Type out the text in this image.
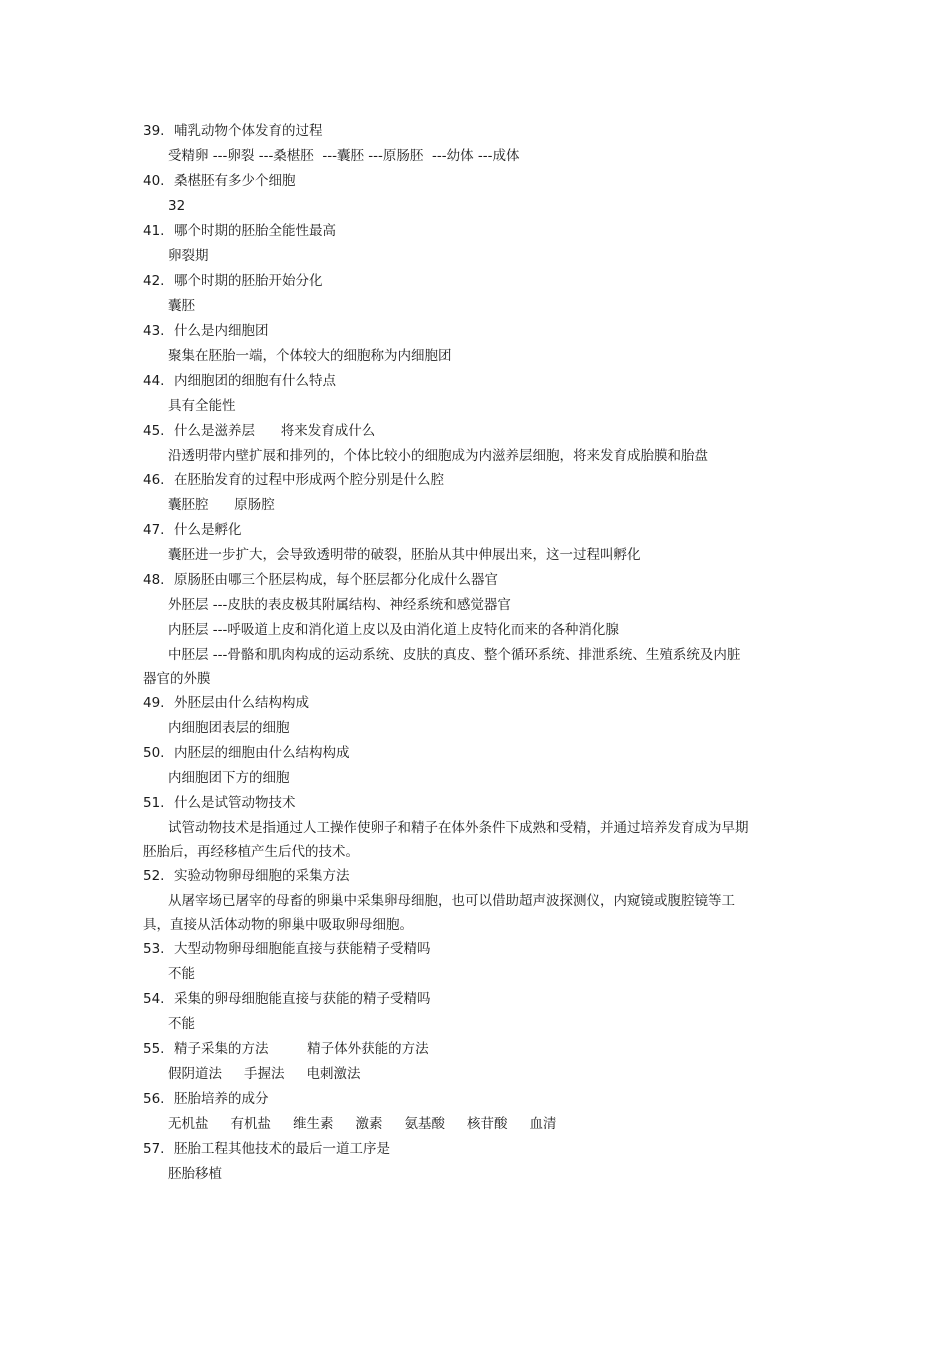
39. 哺乳动物个体发育的过程
受精卵 ---卵裂 ---桑椹胚  ---囊胚 ---原肠胚  ---幼体 ---成体
40. 桑椹胚有多少个细胞
32
41. 哪个时期的胚胎全能性最高
卵裂期
42. 哪个时期的胚胎开始分化
囊胚
43. 什么是内细胞团
聚集在胚胎一端，个体较大的细胞称为内细胞团
44. 内细胞团的细胞有什么特点
具有全能性
45. 什么是滋养层      将来发育成什么
沿透明带内壁扩展和排列的，个体比较小的细胞成为内滋养层细胞，将来发育成胎膜和胎盘
46. 在胚胎发育的过程中形成两个腔分别是什么腔
囊胚腔      原肠腔
47. 什么是孵化
囊胚进一步扩大，会导致透明带的破裂，胚胎从其中伸展出来，这一过程叫孵化
48. 原肠胚由哪三个胚层构成，每个胚层都分化成什么器官
外胚层 ---皮肤的表皮极其附属结构、神经系统和感觉器官
内胚层 ---呼吸道上皮和消化道上皮以及由消化道上皮特化而来的各种消化腺
中胚层 ---骨骼和肌肉构成的运动系统、皮肤的真皮、整个循环系统、排泄系统、生殖系统及内脏器官的外膜
49. 外胚层由什么结构构成
内细胞团表层的细胞
50. 内胚层的细胞由什么结构构成
内细胞团下方的细胞
51. 什么是试管动物技术
试管动物技术是指通过人工操作使卵子和精子在体外条件下成熟和受精，并通过培养发育成为早期胚胎后，再经移植产生后代的技术。
52. 实验动物卵母细胞的采集方法
从屠宰场已屠宰的母畜的卵巢中采集卵母细胞，也可以借助超声波探测仪，内窥镜或腹腔镜等工具，直接从活体动物的卵巢中吸取卵母细胞。
53. 大型动物卵母细胞能直接与获能精子受精吗
不能
54. 采集的卵母细胞能直接与获能的精子受精吗
不能
55. 精子采集的方法         精子体外获能的方法
假阴道法 手握法 电刺激法
56. 胚胎培养的成分
无机盐 有机盐 维生素 激素 氨基酸 核苷酸 血清
57. 胚胎工程其他技术的最后一道工序是
胚胎移植
